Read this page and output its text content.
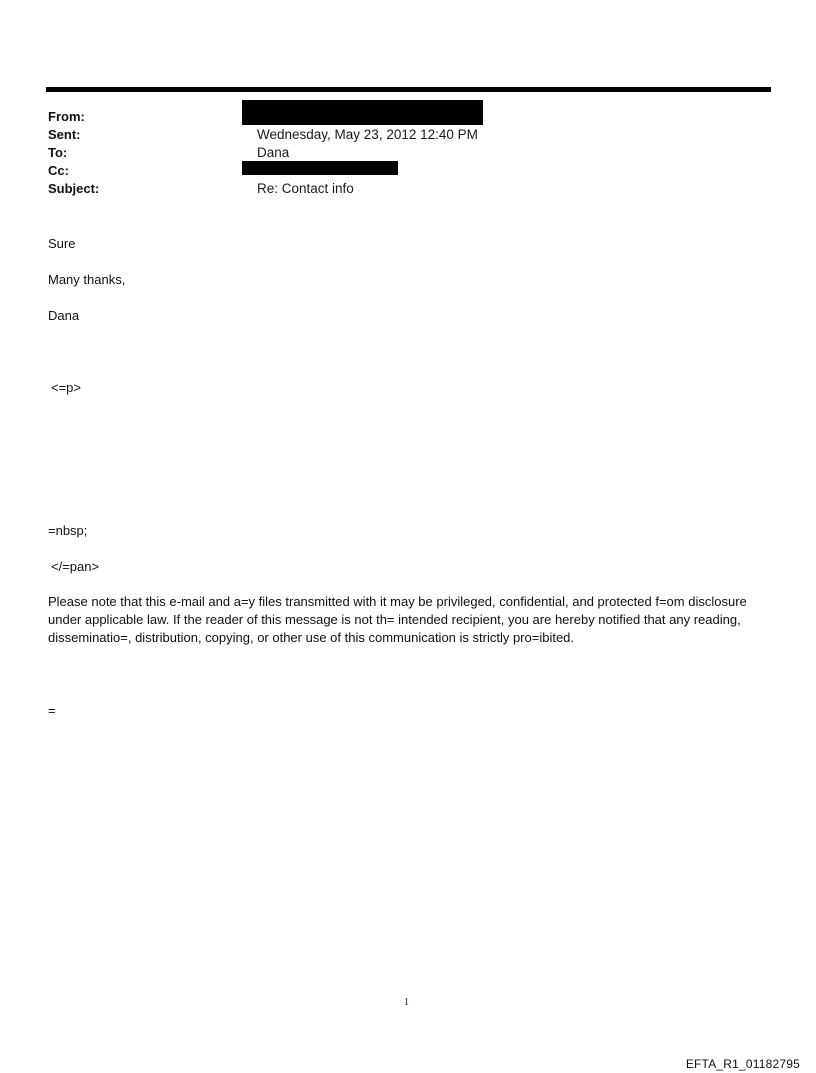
From:
Sent:
To:
Cc:
Subject:
Wednesday, May 23, 2012 12:40 PM
Dana
Re: Contact info
Sure
Many thanks,
Dana
<=p>
=nbsp;
</=pan>
Please note that this e-mail and a=y files transmitted with it may be privileged, confidential, and protected f=om disclosure under applicable law. If the reader of this message is not th= intended recipient, you are hereby notified that any reading, disseminatio=, distribution, copying, or other use of this communication is strictly pro=ibited.
=
1
EFTA_R1_01182795
